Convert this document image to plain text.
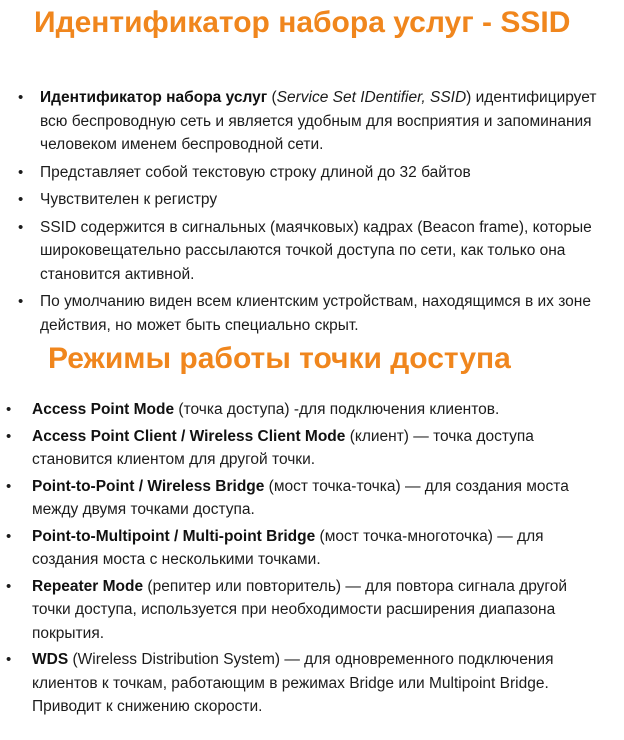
Идентификатор набора услуг - SSID
• Идентификатор набора услуг (Service Set IDentifier, SSID) идентифицирует всю беспроводную сеть и является удобным для восприятия и запоминания человеком именем беспроводной сети.
• Представляет собой текстовую строку длиной до 32 байтов
• Чувствителен к регистру
• SSID содержится в сигнальных (маячковых) кадрах (Beacon frame), которые широковещательно рассылаются точкой доступа по сети, как только она становится активной.
• По умолчанию виден всем клиентским устройствам, находящимся в их зоне действия, но может быть специально скрыт.
Режимы работы точки доступа
• Access Point Mode (точка доступа) -для подключения клиентов.
• Access Point Client / Wireless Client Mode (клиент) — точка доступа становится клиентом для другой точки.
• Point-to-Point / Wireless Bridge (мост точка-точка) — для создания моста между двумя точками доступа.
• Point-to-Multipoint / Multi-point Bridge (мост точка-многоточка) — для создания моста с несколькими точками.
• Repeater Mode (репитер или повторитель) — для повтора сигнала другой точки доступа, используется при необходимости расширения диапазона покрытия.
• WDS (Wireless Distribution System) — для одновременного подключения клиентов к точкам, работающим в режимах Bridge или Multipoint Bridge. Приводит к снижению скорости.
